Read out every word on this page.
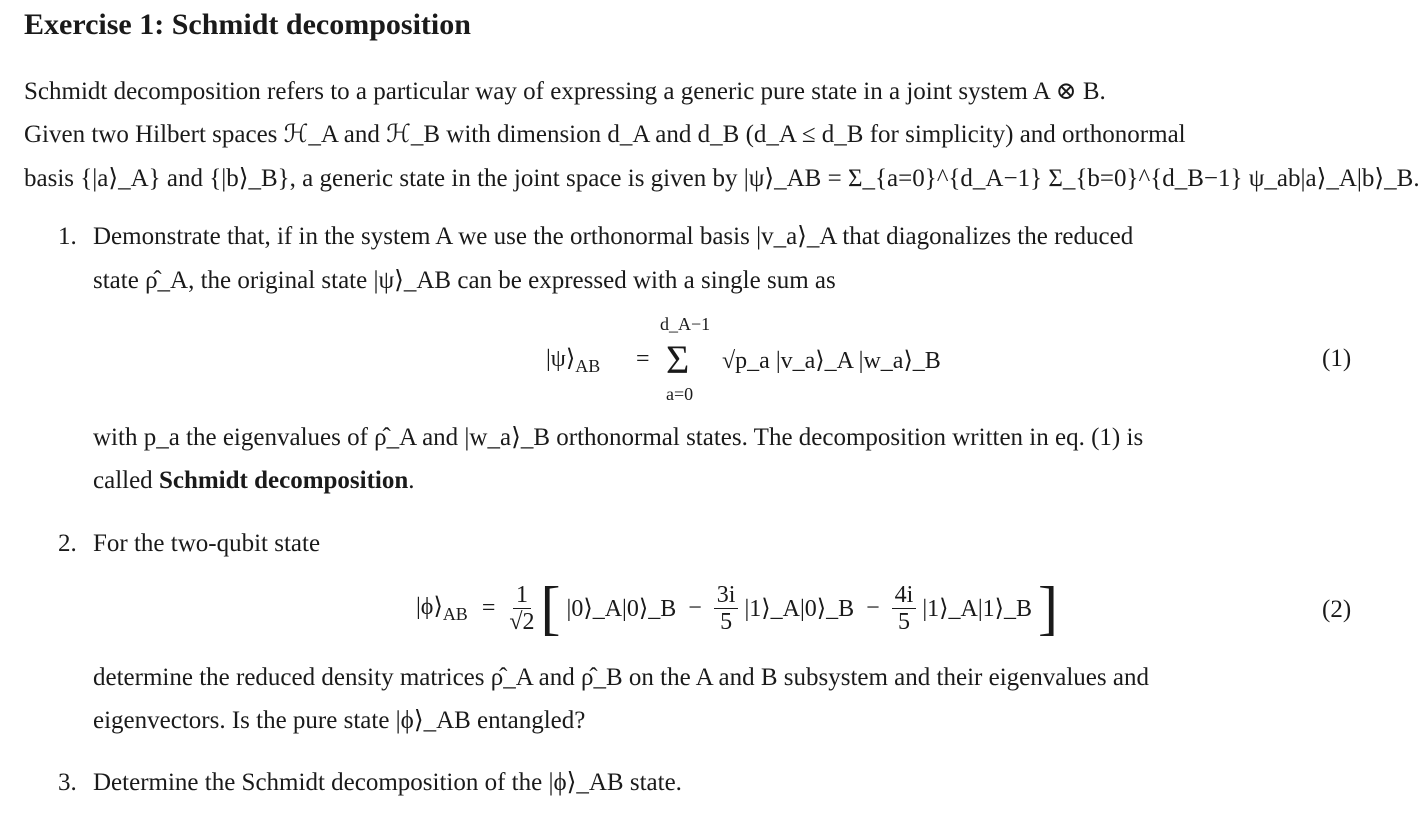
Exercise 1: Schmidt decomposition
Schmidt decomposition refers to a particular way of expressing a generic pure state in a joint system A ⊗ B.
Given two Hilbert spaces ℋ_A and ℋ_B with dimension d_A and d_B (d_A ≤ d_B for simplicity) and orthonormal
basis {|a⟩_A} and {|b⟩_B}, a generic state in the joint space is given by |ψ⟩_AB = Σ_{a=0}^{d_A−1} Σ_{b=0}^{d_B−1} ψ_ab|a⟩_A|b⟩_B.
1. Demonstrate that, if in the system A we use the orthonormal basis |v_a⟩_A that diagonalizes the reduced
state ρ̂_A, the original state |ψ⟩_AB can be expressed with a single sum as
$|\psi⟩_{AB}$ =
d_A−1
Σ
a=0
√p_a |v_a⟩_A |w_a⟩_B	(1)
with p_a the eigenvalues of ρ̂_A and |w_a⟩_B orthonormal states. The decomposition written in eq. (1) is
called Schmidt decomposition.
2. For the two-qubit state
$|\phi⟩_{AB} = \frac{1}{√2}$ [ |0⟩_A|0⟩_B − $\frac{3i}{5}$ |1⟩_A|0⟩_B − $\frac{4i}{5}$ |1⟩_A|1⟩_B ]	(2)
determine the reduced density matrices ρ̂_A and ρ̂_B on the A and B subsystem and their eigenvalues and
eigenvectors. Is the pure state |ϕ⟩_AB entangled?
3. Determine the Schmidt decomposition of the |ϕ⟩_AB state.
